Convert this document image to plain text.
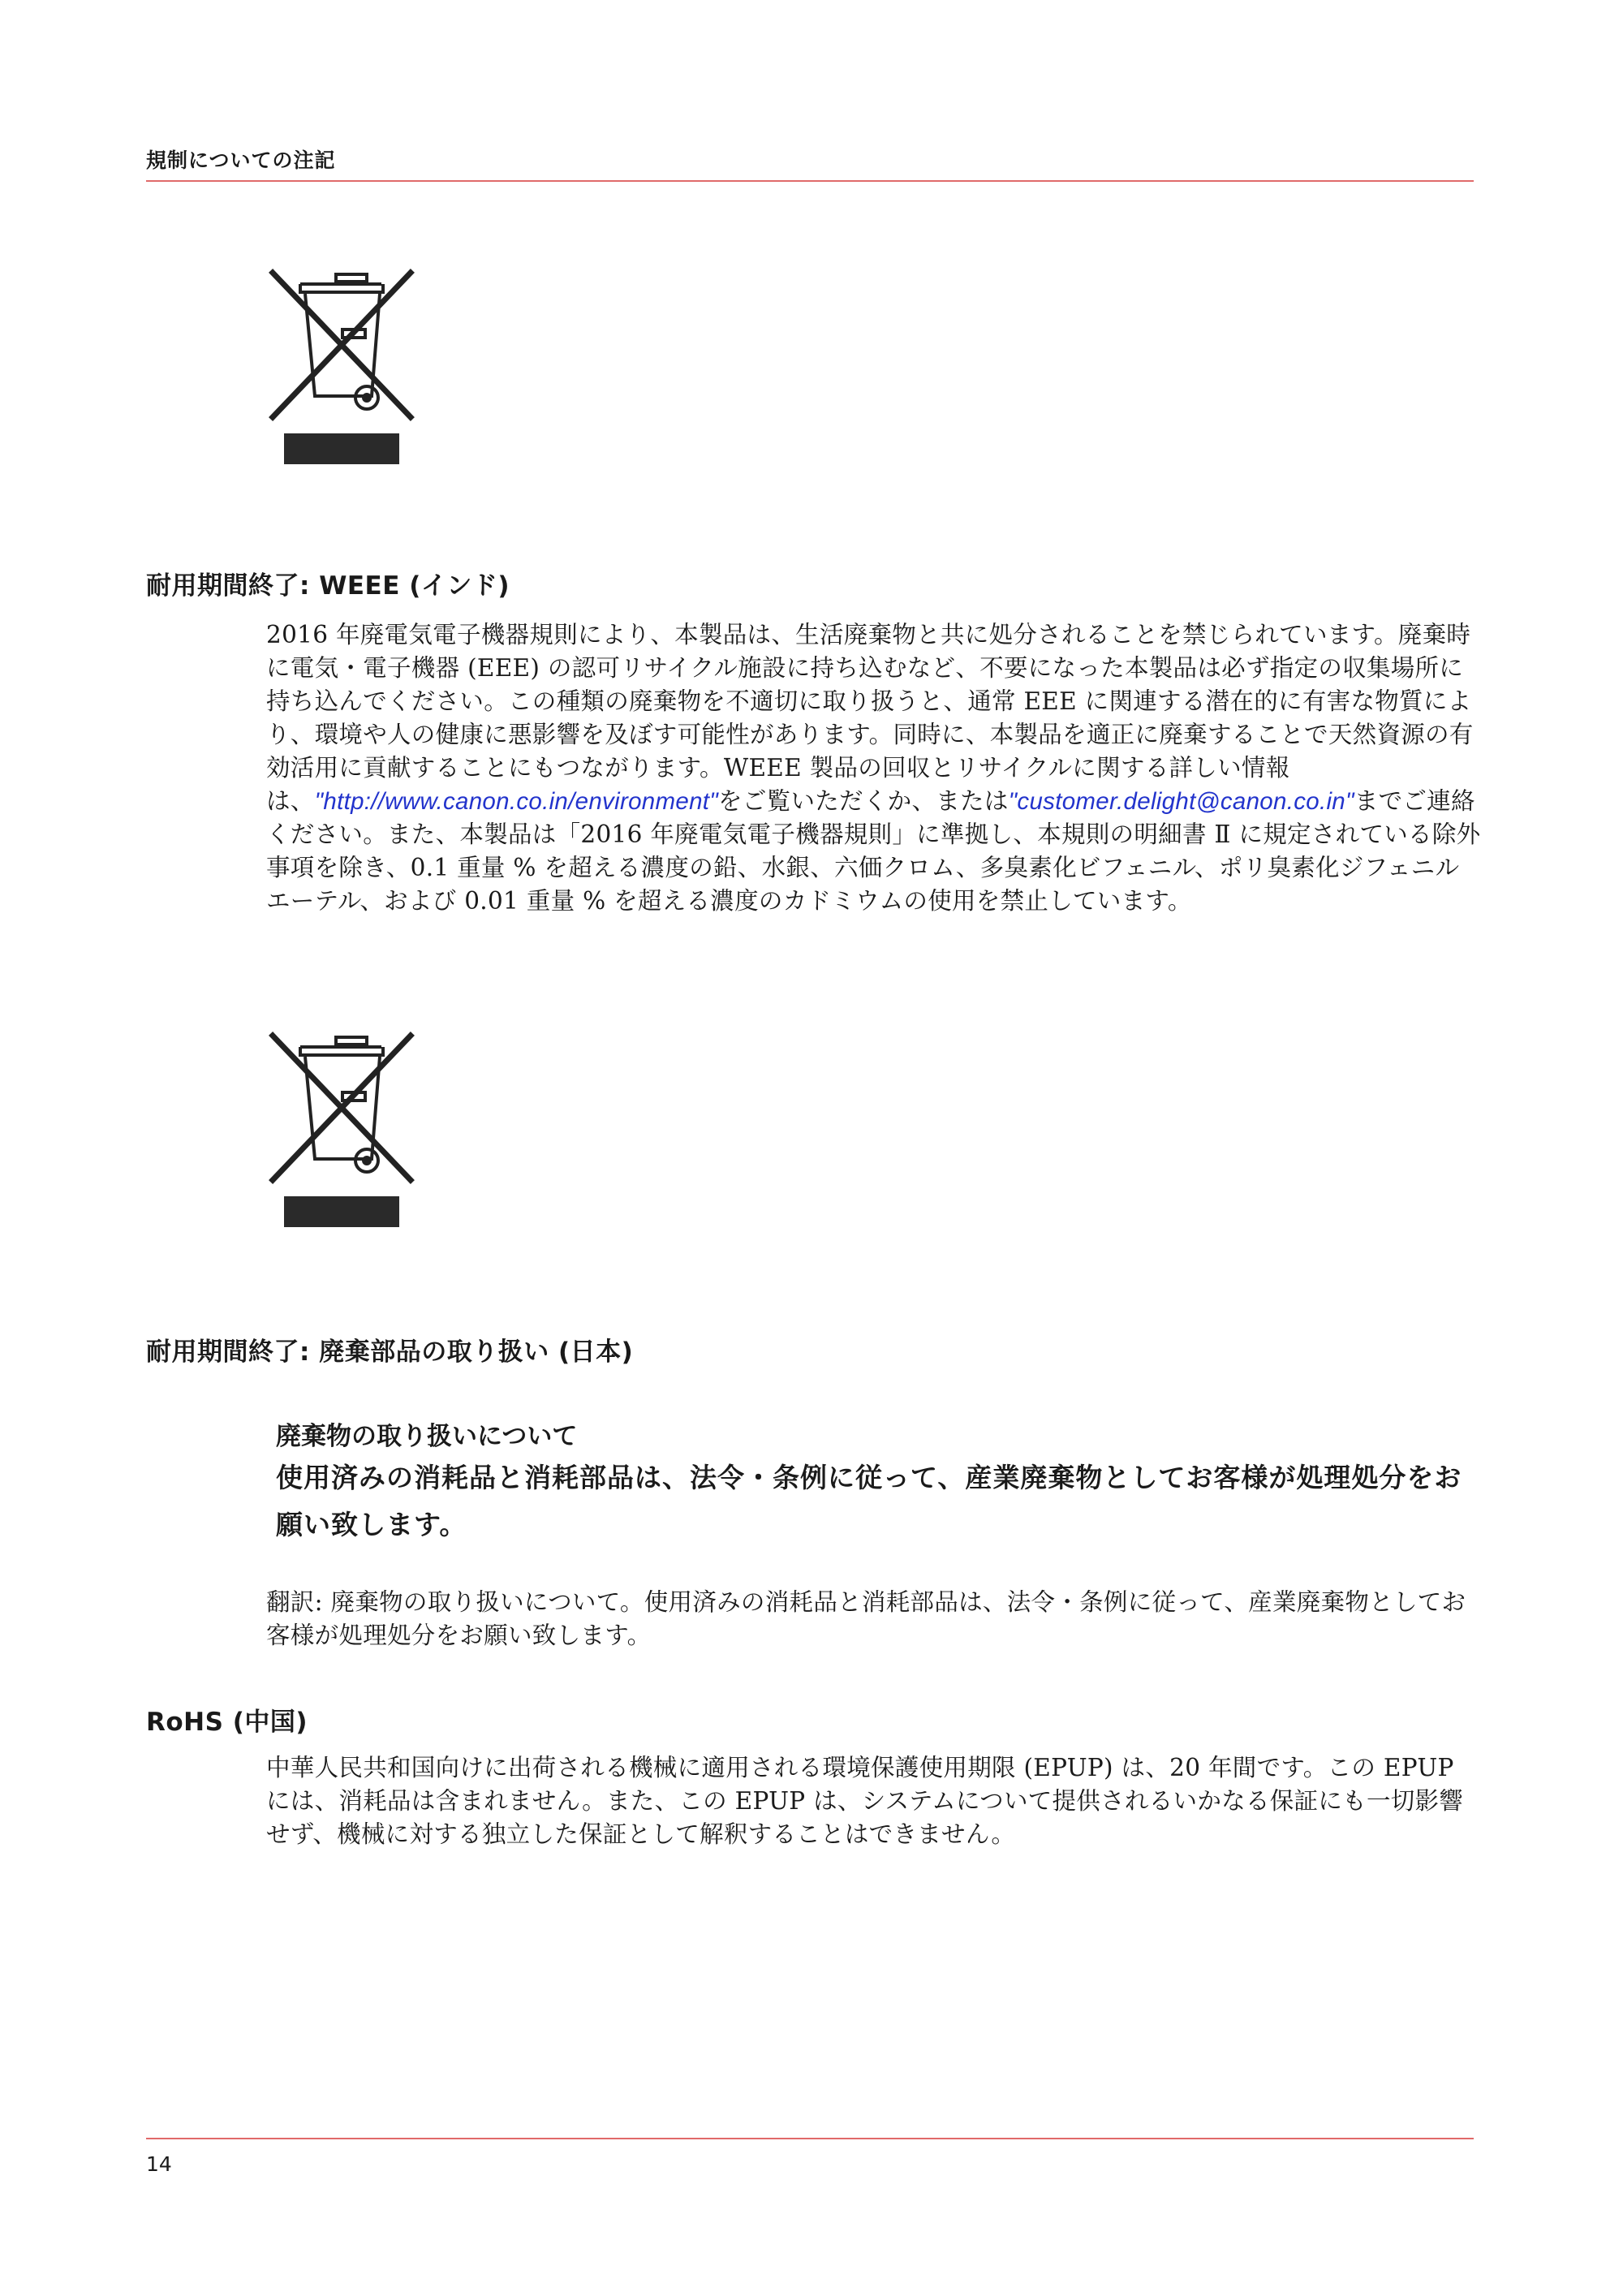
規制についての注記
耐用期間終了: WEEE (インド)

2016 年廃電気電子機器規則により、本製品は、生活廃棄物と共に処分されることを禁じられています。廃棄時に電気・電子機器 (EEE) の認可リサイクル施設に持ち込むなど、不要になった本製品は必ず指定の収集場所に持ち込んでください。この種類の廃棄物を不適切に取り扱うと、通常 EEE に関連する潜在的に有害な物質により、環境や人の健康に悪影響を及ぼす可能性があります。同時に、本製品を適正に廃棄することで天然資源の有効活用に貢献することにもつながります。WEEE 製品の回収とリサイクルに関する詳しい情報は、"http://www.canon.co.in/environment"をご覧いただくか、または"customer.delight@canon.co.in"までご連絡ください。また、本製品は「2016 年廃電気電子機器規則」に準拠し、本規則の明細書 Ⅱ に規定されている除外事項を除き、0.1 重量 % を超える濃度の鉛、水銀、六価クロム、多臭素化ビフェニル、ポリ臭素化ジフェニルエーテル、および 0.01 重量 % を超える濃度のカドミウムの使用を禁止しています。

耐用期間終了: 廃棄部品の取り扱い (日本)
廃棄物の取り扱いについて
使用済みの消耗品と消耗部品は、法令・条例に従って、産業廃棄物としてお客様が処理処分をお願い致します。
翻訳: 廃棄物の取り扱いについて。使用済みの消耗品と消耗部品は、法令・条例に従って、産業廃棄物としてお客様が処理処分をお願い致します。
RoHS (中国)
中華人民共和国向けに出荷される機械に適用される環境保護使用期限 (EPUP) は、20 年間です。この EPUP には、消耗品は含まれません。また、この EPUP は、システムについて提供されるいかなる保証にも一切影響せず、機械に対する独立した保証として解釈することはできません。
14
